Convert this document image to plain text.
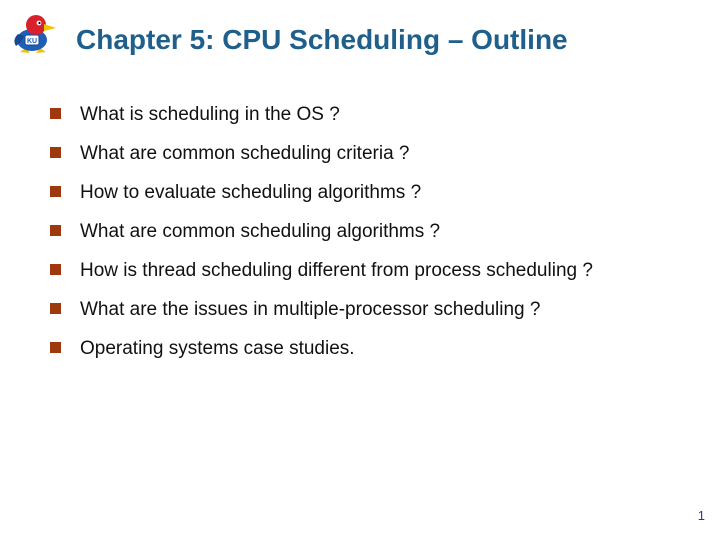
KU Chapter 5: CPU Scheduling – Outline
What is scheduling in the OS ?
What are common scheduling criteria ?
How to evaluate scheduling algorithms ?
What are common scheduling algorithms ?
How is thread scheduling different from process scheduling ?
What are the issues in multiple-processor scheduling ?
Operating systems case studies.
1
